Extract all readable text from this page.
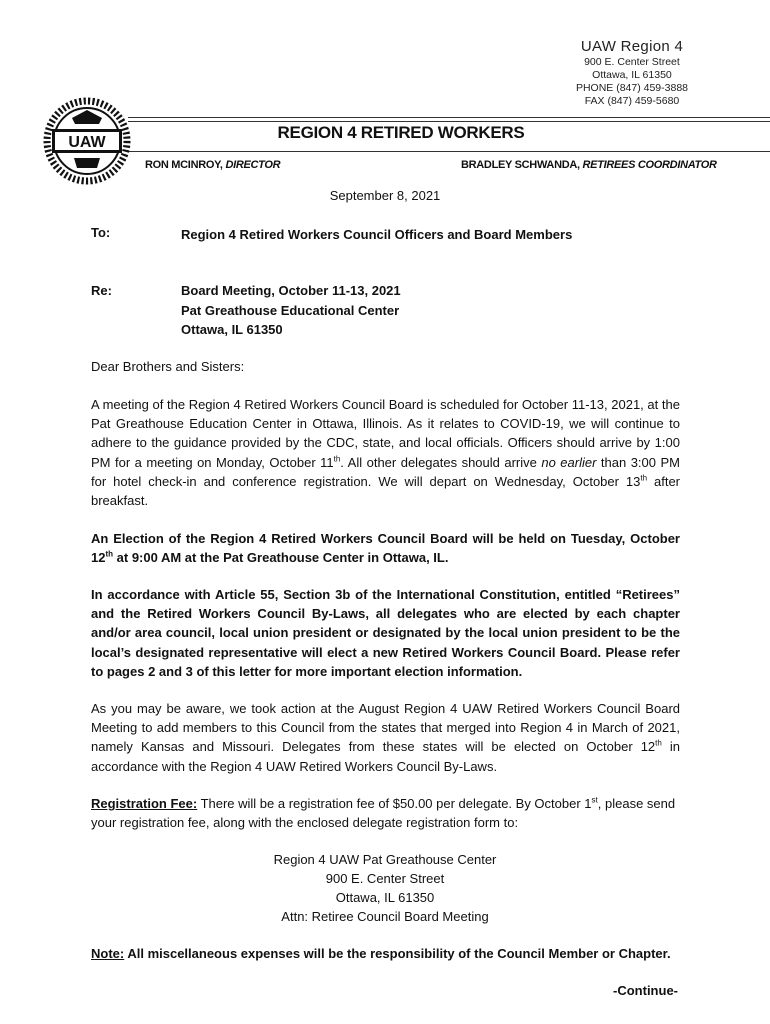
UAW Region 4
900 E. Center Street
Ottawa, IL 61350
PHONE (847) 459-3888
FAX (847) 459-5680
UAW
REGION 4 RETIRED WORKERS
RON MCINROY, DIRECTOR	BRADLEY SCHWANDA, RETIREES COORDINATOR
September 8, 2021
To:	Region 4 Retired Workers Council Officers and Board Members
Re:	Board Meeting, October 11-13, 2021
Pat Greathouse Educational Center
Ottawa, IL 61350
Dear Brothers and Sisters:
A meeting of the Region 4 Retired Workers Council Board is scheduled for October 11-13, 2021, at the Pat Greathouse Education Center in Ottawa, Illinois. As it relates to COVID-19, we will continue to adhere to the guidance provided by the CDC, state, and local officials. Officers should arrive by 1:00 PM for a meeting on Monday, October 11th. All other delegates should arrive no earlier than 3:00 PM for hotel check-in and conference registration. We will depart on Wednesday, October 13th after breakfast.
An Election of the Region 4 Retired Workers Council Board will be held on Tuesday, October 12th at 9:00 AM at the Pat Greathouse Center in Ottawa, IL.
In accordance with Article 55, Section 3b of the International Constitution, entitled “Retirees” and the Retired Workers Council By-Laws, all delegates who are elected by each chapter and/or area council, local union president or designated by the local union president to be the local’s designated representative will elect a new Retired Workers Council Board. Please refer to pages 2 and 3 of this letter for more important election information.
As you may be aware, we took action at the August Region 4 UAW Retired Workers Council Board Meeting to add members to this Council from the states that merged into Region 4 in March of 2021, namely Kansas and Missouri. Delegates from these states will be elected on October 12th in accordance with the Region 4 UAW Retired Workers Council By-Laws.
Registration Fee: There will be a registration fee of $50.00 per delegate. By October 1st, please send your registration fee, along with the enclosed delegate registration form to:
Region 4 UAW Pat Greathouse Center
900 E. Center Street
Ottawa, IL 61350
Attn: Retiree Council Board Meeting
Note: All miscellaneous expenses will be the responsibility of the Council Member or Chapter.
-Continue-
